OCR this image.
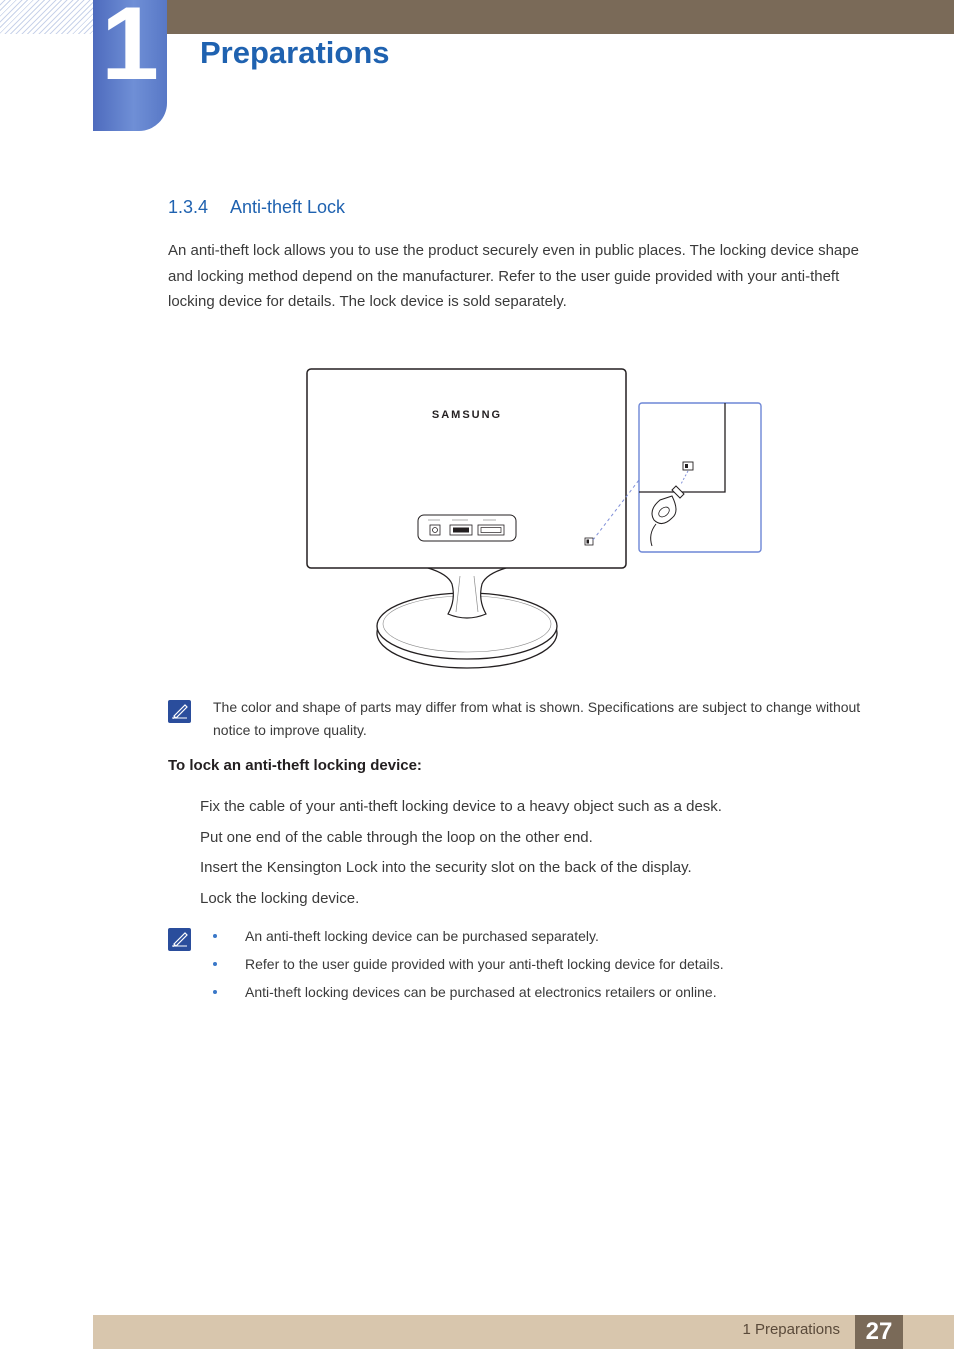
1 Preparations
1.3.4 Anti-theft Lock

An anti-theft lock allows you to use the product securely even in public places. The locking device shape and locking method depend on the manufacturer. Refer to the user guide provided with your anti-theft locking device for details. The lock device is sold separately.

SAMSUNG

The color and shape of parts may differ from what is shown. Specifications are subject to change without notice to improve quality.

To lock an anti-theft locking device:

Fix the cable of your anti-theft locking device to a heavy object such as a desk.
Put one end of the cable through the loop on the other end.
Insert the Kensington Lock into the security slot on the back of the display.
Lock the locking device.
An anti-theft locking device can be purchased separately.
Refer to the user guide provided with your anti-theft locking device for details.
Anti-theft locking devices can be purchased at electronics retailers or online.
1 Preparations	27
